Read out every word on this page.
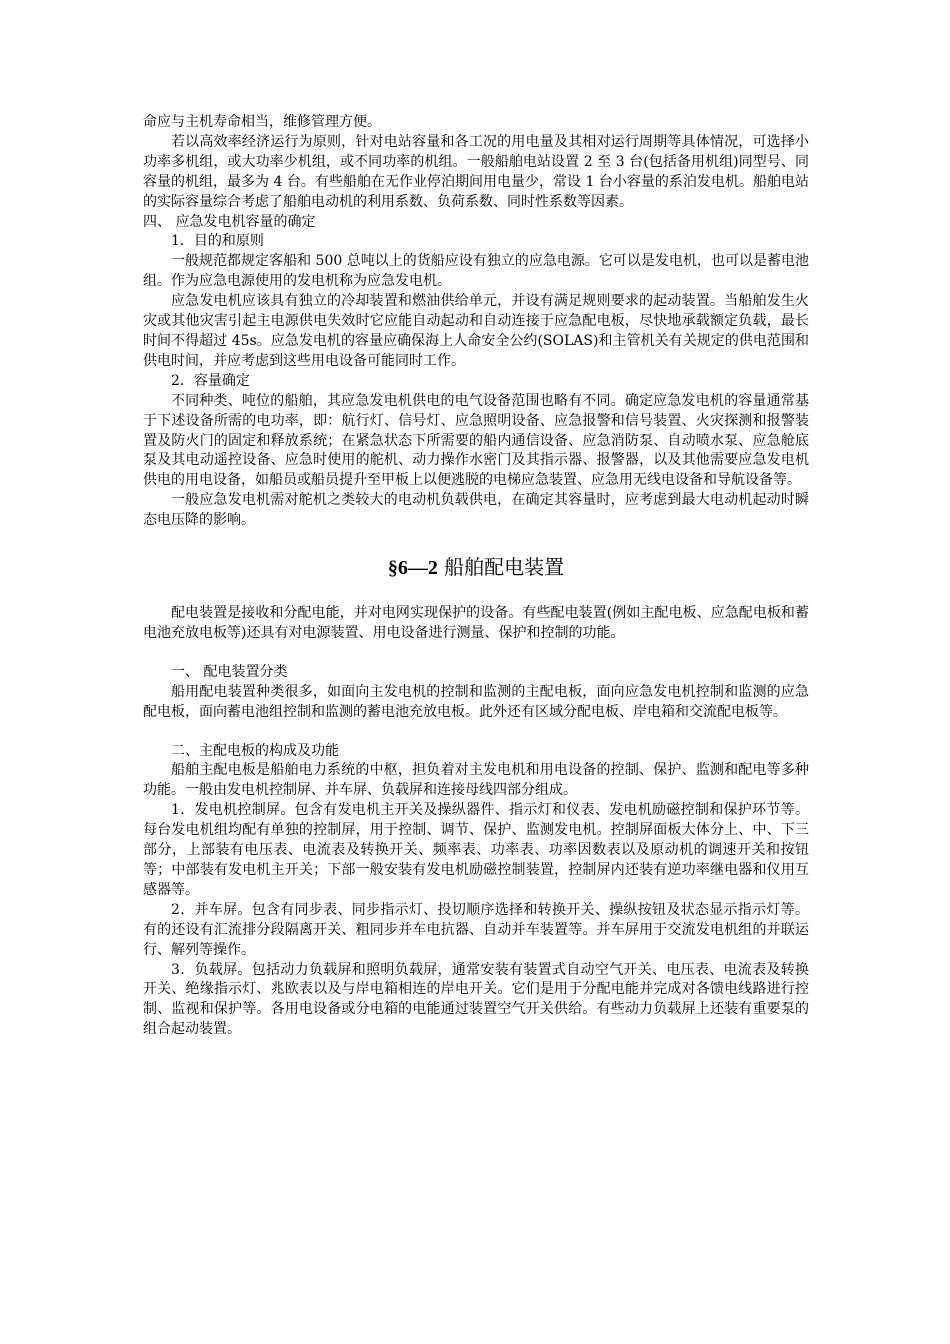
命应与主机寿命相当，维修管理方便。

若以高效率经济运行为原则，针对电站容量和各工况的用电量及其相对运行周期等具体情况，可选择小功率多机组，或大功率少机组，或不同功率的机组。一般船舶电站设置 2 至 3 台(包括备用机组)同型号、同容量的机组，最多为 4 台。有些船舶在无作业停泊期间用电量少，常设 1 台小容量的系泊发电机。船舶电站的实际容量综合考虑了船舶电动机的利用系数、负荷系数、同时性系数等因素。

四、 应急发电机容量的确定

1．目的和原则

一般规范都规定客船和 500 总吨以上的货船应设有独立的应急电源。它可以是发电机，也可以是蓄电池组。作为应急电源使用的发电机称为应急发电机。

应急发电机应该具有独立的冷却装置和燃油供给单元，并设有满足规则要求的起动装置。当船舶发生火灾或其他灾害引起主电源供电失效时它应能自动起动和自动连接于应急配电板，尽快地承载额定负载，最长时间不得超过 45s。应急发电机的容量应确保海上人命安全公约(SOLAS)和主管机关有关规定的供电范围和供电时间，并应考虑到这些用电设备可能同时工作。

2．容量确定

不同种类、吨位的船舶，其应急发电机供电的电气设备范围也略有不同。确定应急发电机的容量通常基于下述设备所需的电功率，即：航行灯、信号灯、应急照明设备、应急报警和信号装置、火灾探测和报警装置及防火门的固定和释放系统；在紧急状态下所需要的船内通信设备、应急消防泵、自动喷水泵、应急舱底泵及其电动遥控设备、应急时使用的舵机、动力操作水密门及其指示器、报警器，以及其他需要应急发电机供电的用电设备，如船员或船员提升至甲板上以便逃脱的电梯应急装置、应急用无线电设备和导航设备等。

一般应急发电机需对舵机之类较大的电动机负载供电，在确定其容量时，应考虑到最大电动机起动时瞬态电压降的影响。

§6—2 船舶配电装置

配电装置是接收和分配电能，并对电网实现保护的设备。有些配电装置(例如主配电板、应急配电板和蓄电池充放电板等)还具有对电源装置、用电设备进行测量、保护和控制的功能。

一、 配电装置分类

船用配电装置种类很多，如面向主发电机的控制和监测的主配电板，面向应急发电机控制和监测的应急配电板，面向蓄电池组控制和监测的蓄电池充放电板。此外还有区域分配电板、岸电箱和交流配电板等。

二、主配电板的构成及功能

船舶主配电板是船舶电力系统的中枢，担负着对主发电机和用电设备的控制、保护、监测和配电等多种功能。一般由发电机控制屏、并车屏、负载屏和连接母线四部分组成。

1．发电机控制屏。包含有发电机主开关及操纵器件、指示灯和仪表、发电机励磁控制和保护环节等。每台发电机组均配有单独的控制屏，用于控制、调节、保护、监测发电机。控制屏面板大体分上、中、下三部分，上部装有电压表、电流表及转换开关、频率表、功率表、功率因数表以及原动机的调速开关和按钮等；中部装有发电机主开关；下部一般安装有发电机励磁控制装置，控制屏内还装有逆功率继电器和仪用互感器等。

2．并车屏。包含有同步表、同步指示灯、投切顺序选择和转换开关、操纵按钮及状态显示指示灯等。有的还设有汇流排分段隔离开关、粗同步并车电抗器、自动并车装置等。并车屏用于交流发电机组的并联运行、解列等操作。

3．负载屏。包括动力负载屏和照明负载屏，通常安装有装置式自动空气开关、电压表、电流表及转换开关、绝缘指示灯、兆欧表以及与岸电箱相连的岸电开关。它们是用于分配电能并完成对各馈电线路进行控制、监视和保护等。各用电设备或分电箱的电能通过装置空气开关供给。有些动力负载屏上还装有重要泵的组合起动装置。
